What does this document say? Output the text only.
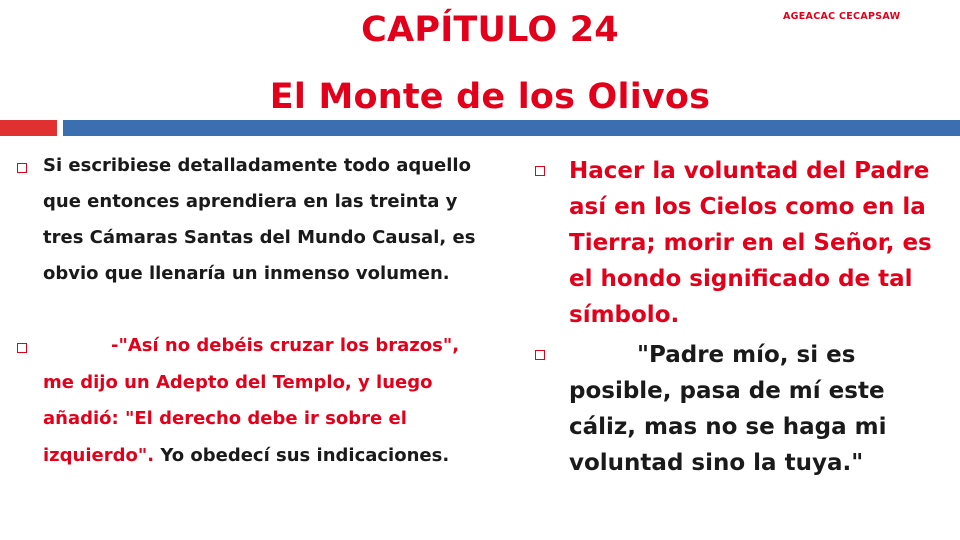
CAPÍTULO 24
El Monte de los Olivos
AGEACAC CECAPSAW
Si escribiese detalladamente todo aquello que entonces aprendiera en las treinta y tres Cámaras Santas del Mundo Causal, es obvio que llenaría un inmenso volumen.
-"Así no debéis cruzar los brazos", me dijo un Adepto del Templo, y luego añadió: "El derecho debe ir sobre el izquierdo". Yo obedecí sus indicaciones.
Hacer la voluntad del Padre así en los Cielos como en la Tierra; morir en el Señor, es el hondo significado de tal símbolo.
"Padre mío, si es posible, pasa de mí este cáliz, mas no se haga mi voluntad sino la tuya."
